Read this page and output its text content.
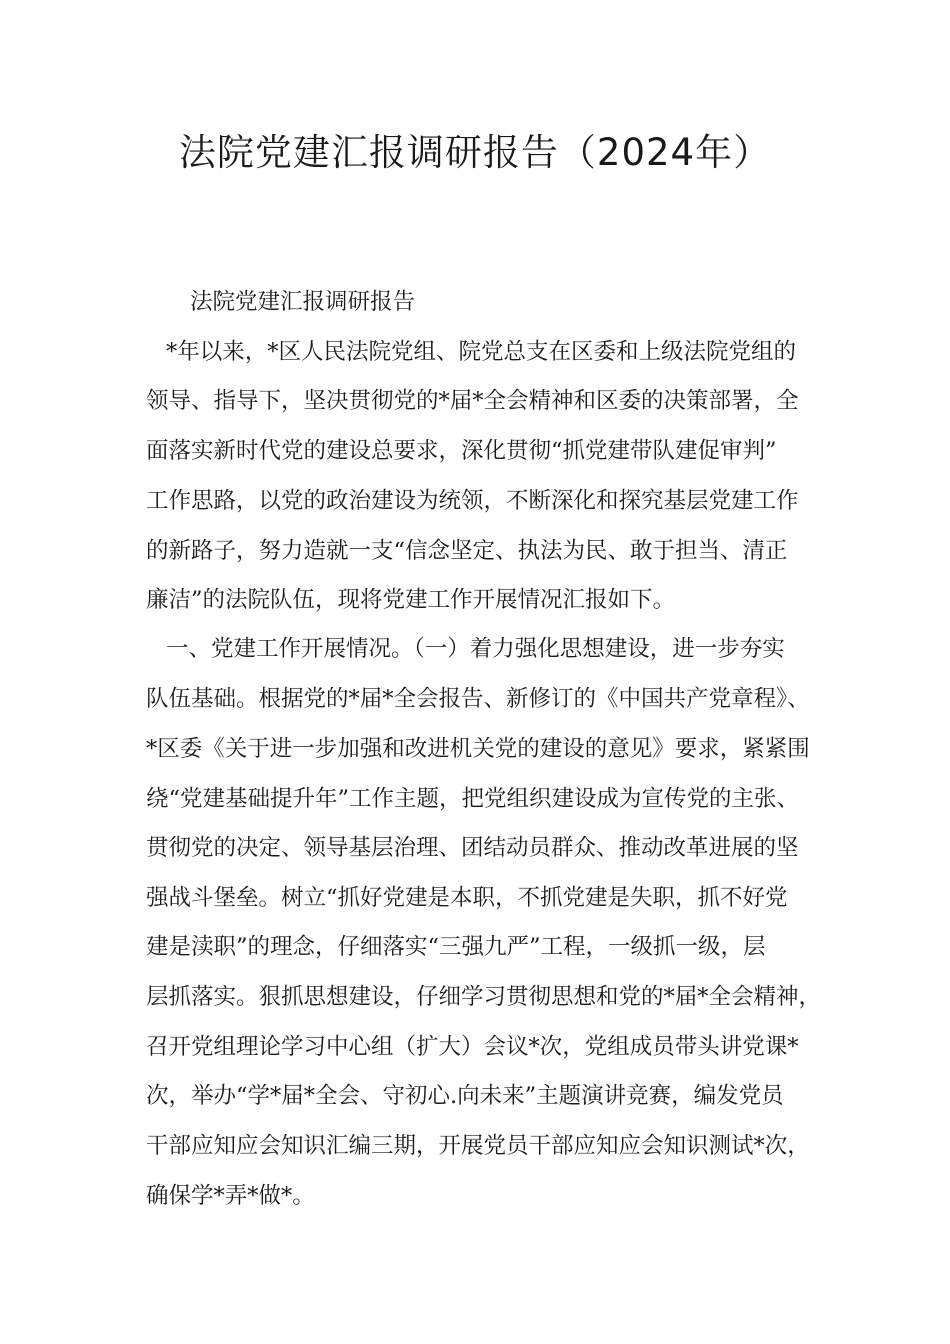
法院党建汇报调研报告（2024年）
法院党建汇报调研报告
*年以来，*区人民法院党组、院党总支在区委和上级法院党组的
领导、指导下，坚决贯彻党的*届*全会精神和区委的决策部署，全
面落实新时代党的建设总要求，深化贯彻“抓党建带队建促审判”
工作思路，以党的政治建设为统领，不断深化和探究基层党建工作
的新路子，努力造就一支“信念坚定、执法为民、敢于担当、清正
廉洁”的法院队伍，现将党建工作开展情况汇报如下。
一、党建工作开展情况。（一）着力强化思想建设，进一步夯实
队伍基础。根据党的*届*全会报告、新修订的《中国共产党章程》、
*区委《关于进一步加强和改进机关党的建设的意见》要求，紧紧围
绕“党建基础提升年”工作主题，把党组织建设成为宣传党的主张、
贯彻党的决定、领导基层治理、团结动员群众、推动改革进展的坚
强战斗堡垒。树立“抓好党建是本职，不抓党建是失职，抓不好党
建是渎职”的理念，仔细落实“三强九严”工程，一级抓一级，层
层抓落实。狠抓思想建设，仔细学习贯彻思想和党的*届*全会精神，
召开党组理论学习中心组（扩大）会议*次，党组成员带头讲党课*
次，举办“学*届*全会、守初心.向未来”主题演讲竞赛，编发党员
干部应知应会知识汇编三期，开展党员干部应知应会知识测试*次，
确保学*弄*做*。
